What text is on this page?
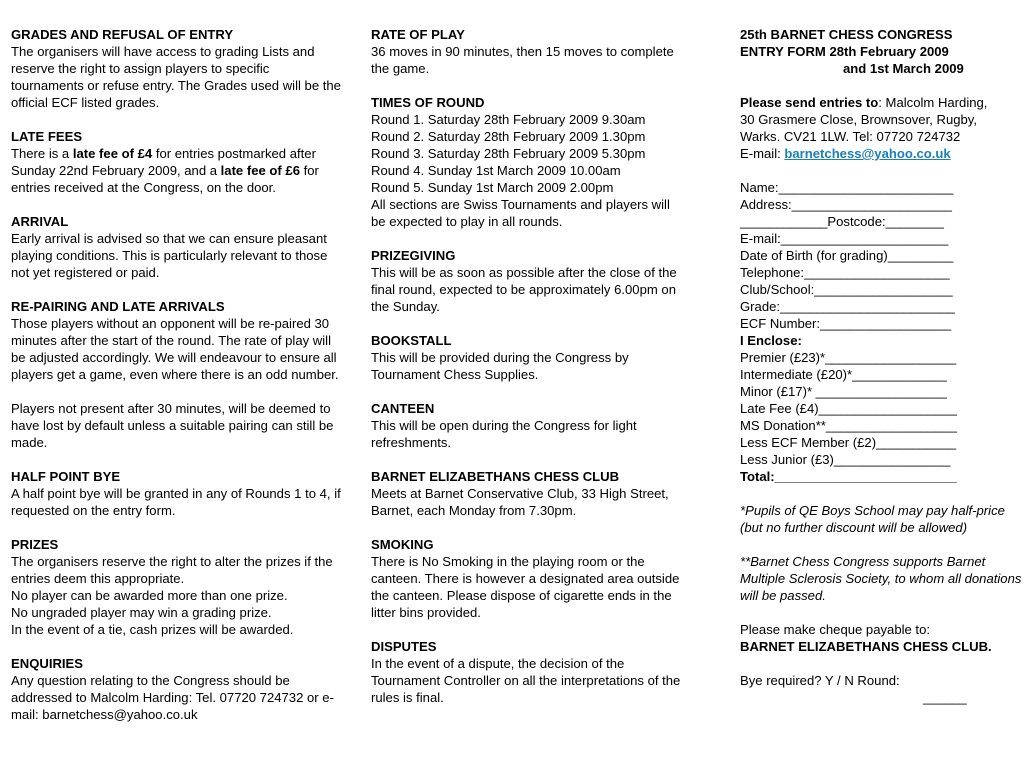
GRADES AND REFUSAL OF ENTRY

The organisers will have access to grading Lists and reserve the right to assign players to specific tournaments or refuse entry. The Grades used will be the official ECF listed grades.

LATE FEES

There is a late fee of £4 for entries postmarked after Sunday 22nd February 2009, and a late fee of £6 for entries received at the Congress, on the door.

ARRIVAL

Early arrival is advised so that we can ensure pleasant playing conditions. This is particularly relevant to those not yet registered or paid.

RE-PAIRING AND LATE ARRIVALS

Those players without an opponent will be re-paired 30 minutes after the start of the round. The rate of play will be adjusted accordingly. We will endeavour to ensure all players get a game, even where there is an odd number.

Players not present after 30 minutes, will be deemed to have lost by default unless a suitable pairing can still be made.

HALF POINT BYE

A half point bye will be granted in any of Rounds 1 to 4, if requested on the entry form.

PRIZES

The organisers reserve the right to alter the prizes if the entries deem this appropriate.

No player can be awarded more than one prize.

No ungraded player may win a grading prize.

In the event of a tie, cash prizes will be awarded.

ENQUIRIES

Any question relating to the Congress should be addressed to Malcolm Harding: Tel. 07720 724732 or e-mail: barnetchess@yahoo.co.uk

RATE OF PLAY

36 moves in 90 minutes, then 15 moves to complete the game.

TIMES OF ROUND

Round 1. Saturday 28th February 2009 9.30am

Round 2. Saturday 28th February 2009 1.30pm

Round 3. Saturday 28th February 2009 5.30pm

Round 4. Sunday 1st March 2009 10.00am

Round 5. Sunday 1st March 2009 2.00pm

All sections are Swiss Tournaments and players will be expected to play in all rounds.

PRIZEGIVING

This will be as soon as possible after the close of the final round, expected to be approximately 6.00pm on the Sunday.

BOOKSTALL

This will be provided during the Congress by Tournament Chess Supplies.

CANTEEN

This will be open during the Congress for light refreshments.

BARNET ELIZABETHANS CHESS CLUB

Meets at Barnet Conservative Club, 33 High Street, Barnet, each Monday from 7.30pm.

SMOKING

There is No Smoking in the playing room or the canteen. There is however a designated area outside the canteen. Please dispose of cigarette ends in the litter bins provided.

DISPUTES

In the event of a dispute, the decision of the Tournament Controller on all the interpretations of the rules is final.

25th BARNET CHESS CONGRESS

ENTRY FORM 28th February 2009

and 1st March 2009

Please send entries to: Malcolm Harding,

30 Grasmere Close, Brownsover, Rugby,

Warks. CV21 1LW. Tel: 07720 724732

E-mail: barnetchess@yahoo.co.uk

Name:________________________

Address:______________________

____________Postcode:________

E-mail:_______________________

Date of Birth (for grading)_________

Telephone:____________________

Club/School:___________________

Grade:________________________

ECF Number:__________________

I Enclose:

Premier (£23)*__________________

Intermediate (£20)*_____________

Minor (£17)* __________________

Late Fee (£4)___________________

MS Donation**__________________

Less ECF Member (£2)___________

Less Junior (£3)________________

Total:_________________________

*Pupils of QE Boys School may pay half-price (but no further discount will be allowed)

**Barnet Chess Congress supports Barnet Multiple Sclerosis Society, to whom all donations will be passed.

Please make cheque payable to:

BARNET ELIZABETHANS CHESS CLUB.

Bye required? Y / N Round:

______
